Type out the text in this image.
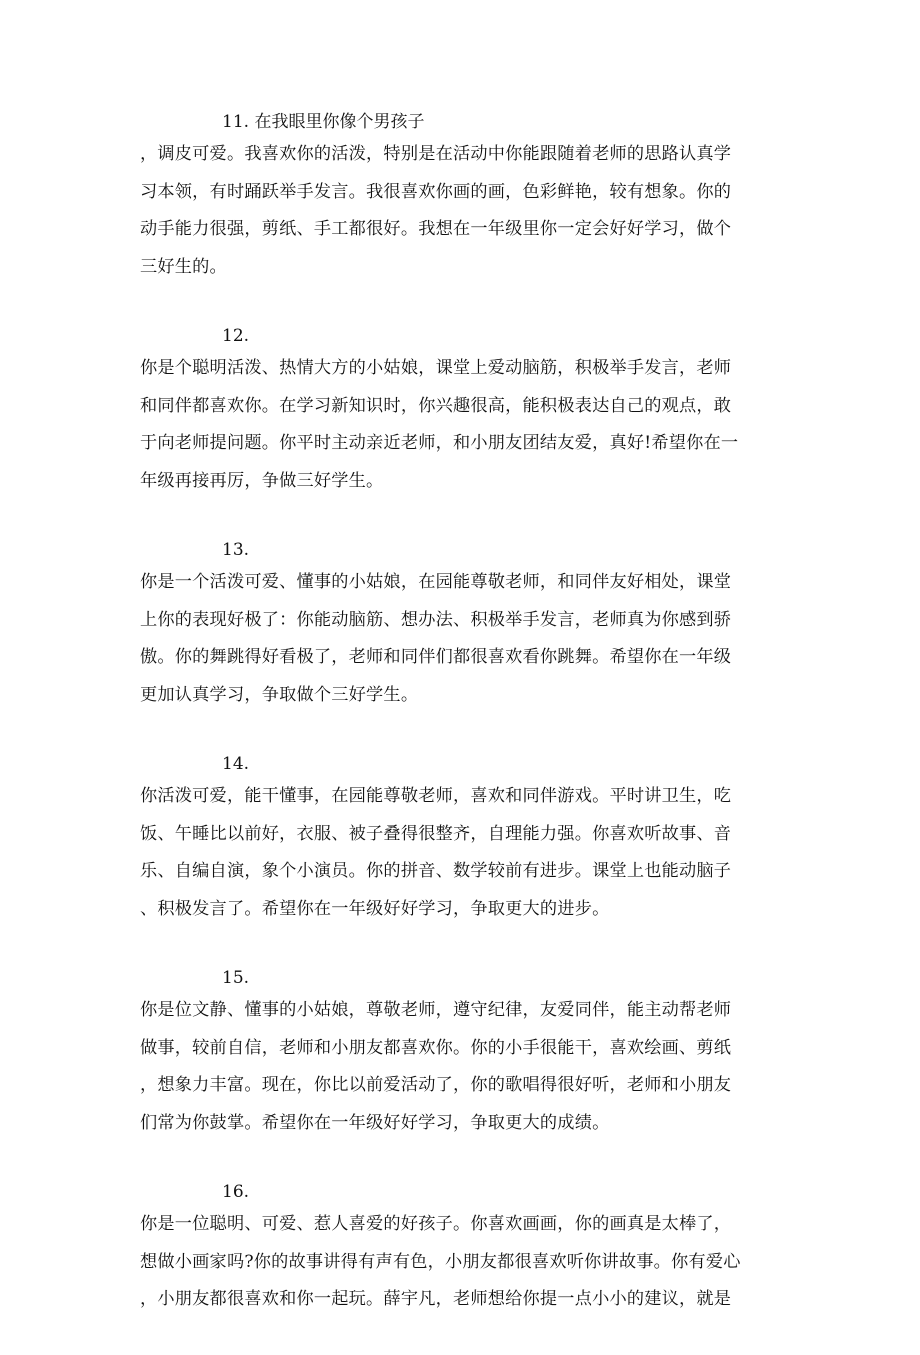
11. 在我眼里你像个男孩子
，调皮可爱。我喜欢你的活泼，特别是在活动中你能跟随着老师的思路认真学
习本领，有时踊跃举手发言。我很喜欢你画的画，色彩鲜艳，较有想象。你的
动手能力很强，剪纸、手工都很好。我想在一年级里你一定会好好学习，做个
三好生的。
12.
你是个聪明活泼、热情大方的小姑娘，课堂上爱动脑筋，积极举手发言，老师
和同伴都喜欢你。在学习新知识时，你兴趣很高，能积极表达自己的观点，敢
于向老师提问题。你平时主动亲近老师，和小朋友团结友爱，真好!希望你在一
年级再接再厉，争做三好学生。
13.
你是一个活泼可爱、懂事的小姑娘，在园能尊敬老师，和同伴友好相处，课堂
上你的表现好极了：你能动脑筋、想办法、积极举手发言，老师真为你感到骄
傲。你的舞跳得好看极了，老师和同伴们都很喜欢看你跳舞。希望你在一年级
更加认真学习，争取做个三好学生。
14.
你活泼可爱，能干懂事，在园能尊敬老师，喜欢和同伴游戏。平时讲卫生，吃
饭、午睡比以前好，衣服、被子叠得很整齐，自理能力强。你喜欢听故事、音
乐、自编自演，象个小演员。你的拼音、数学较前有进步。课堂上也能动脑子
、积极发言了。希望你在一年级好好学习，争取更大的进步。
15.
你是位文静、懂事的小姑娘，尊敬老师，遵守纪律，友爱同伴，能主动帮老师
做事，较前自信，老师和小朋友都喜欢你。你的小手很能干，喜欢绘画、剪纸
，想象力丰富。现在，你比以前爱活动了，你的歌唱得很好听，老师和小朋友
们常为你鼓掌。希望你在一年级好好学习，争取更大的成绩。
16.
你是一位聪明、可爱、惹人喜爱的好孩子。你喜欢画画，你的画真是太棒了，
想做小画家吗?你的故事讲得有声有色，小朋友都很喜欢听你讲故事。你有爱心
，小朋友都很喜欢和你一起玩。薛宇凡，老师想给你提一点小小的建议，就是
